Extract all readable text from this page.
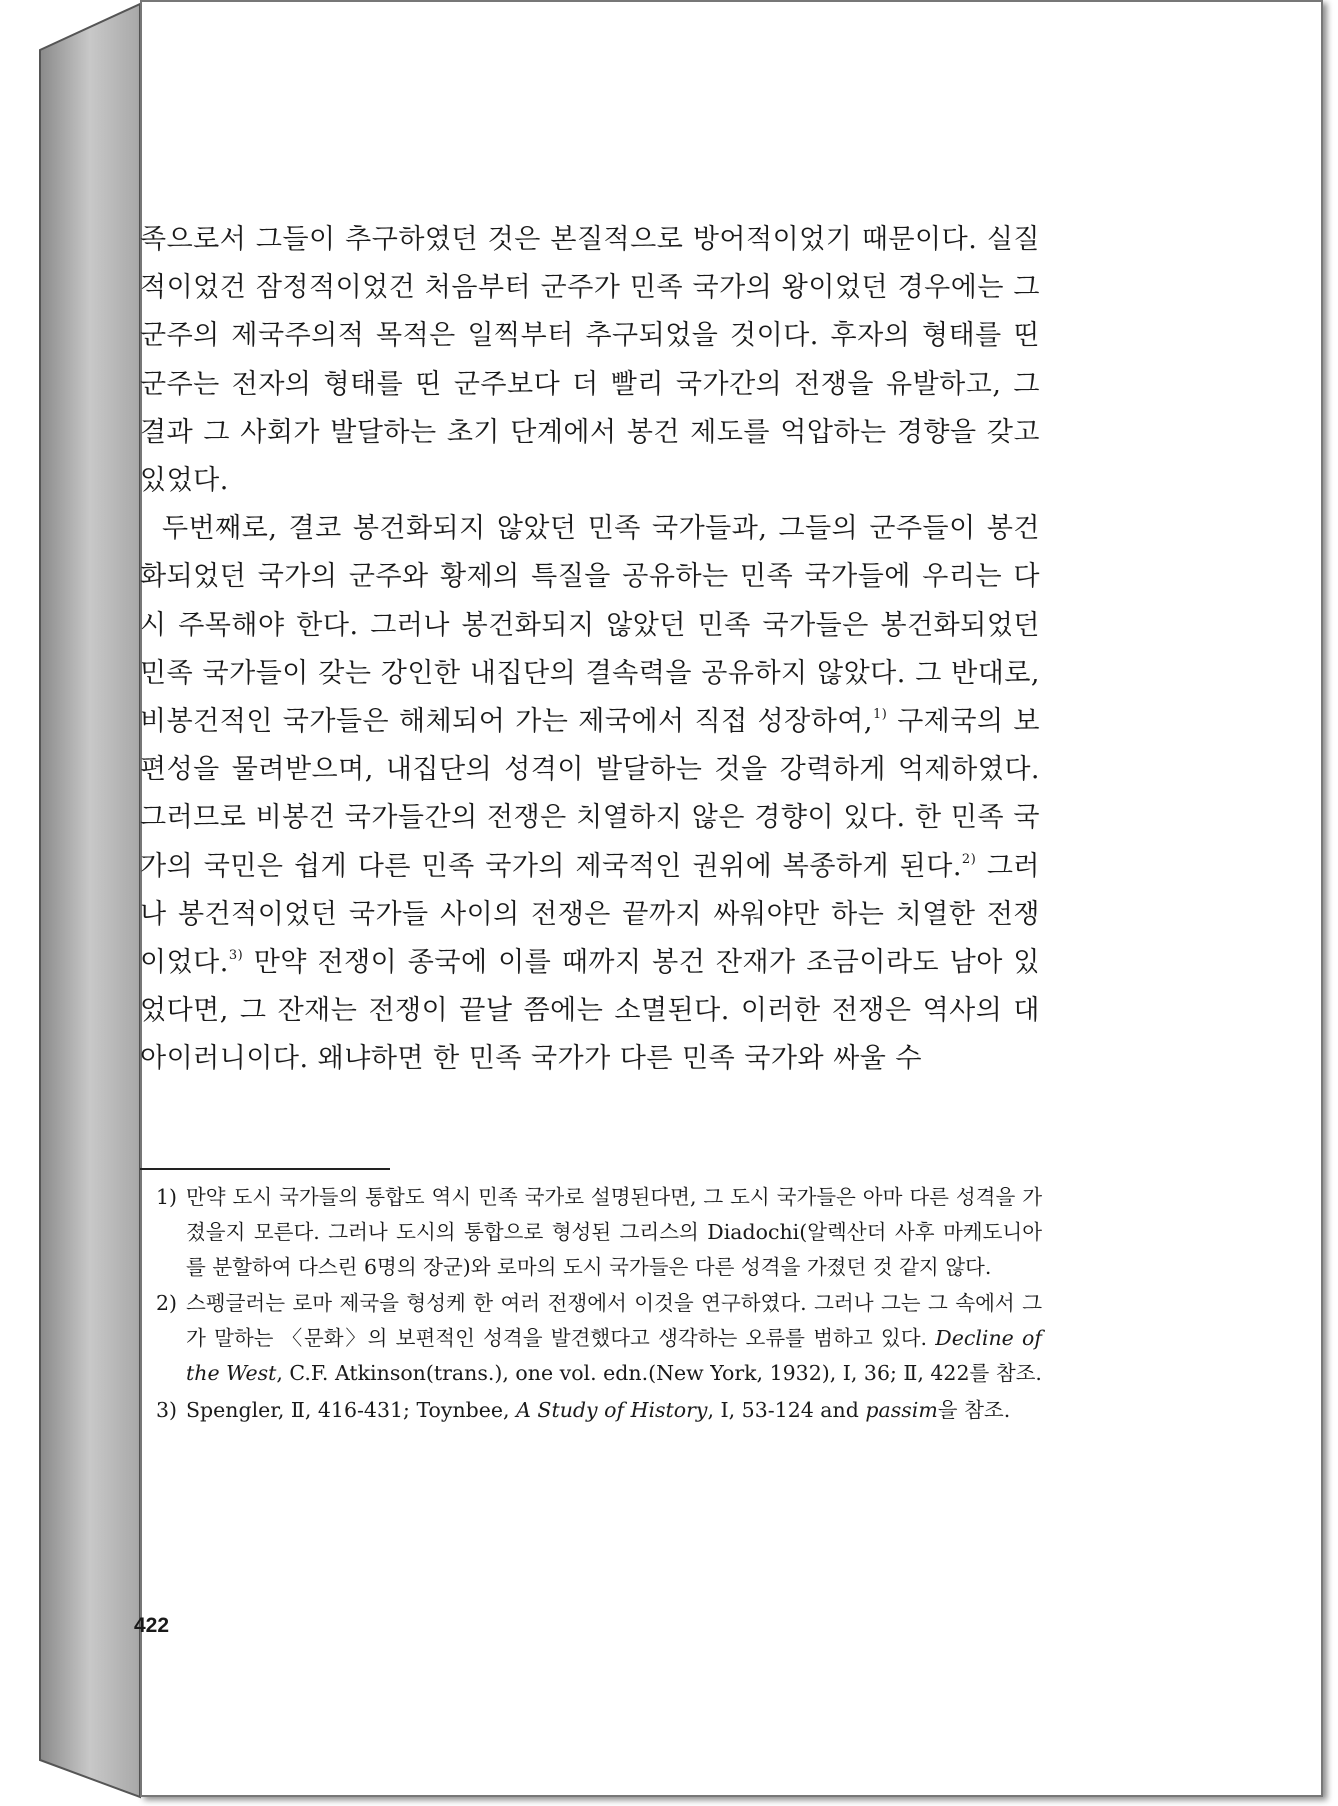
족으로서 그들이 추구하였던 것은 본질적으로 방어적이었기 때문이다. 실질적이었건 잠정적이었건 처음부터 군주가 민족 국가의 왕이었던 경우에는 그 군주의 제국주의적 목적은 일찍부터 추구되었을 것이다. 후자의 형태를 띤 군주는 전자의 형태를 띤 군주보다 더 빨리 국가간의 전쟁을 유발하고, 그 결과 그 사회가 발달하는 초기 단계에서 봉건 제도를 억압하는 경향을 갖고 있었다.

두번째로, 결코 봉건화되지 않았던 민족 국가들과, 그들의 군주들이 봉건화되었던 국가의 군주와 황제의 특질을 공유하는 민족 국가들에 우리는 다시 주목해야 한다. 그러나 봉건화되지 않았던 민족 국가들은 봉건화되었던 민족 국가들이 갖는 강인한 내집단의 결속력을 공유하지 않았다. 그 반대로, 비봉건적인 국가들은 해체되어 가는 제국에서 직접 성장하여,$^{1)}$ 구제국의 보편성을 물려받으며, 내집단의 성격이 발달하는 것을 강력하게 억제하였다. 그러므로 비봉건 국가들간의 전쟁은 치열하지 않은 경향이 있다. 한 민족 국가의 국민은 쉽게 다른 민족 국가의 제국적인 권위에 복종하게 된다.$^{2)}$ 그러나 봉건적이었던 국가들 사이의 전쟁은 끝까지 싸워야만 하는 치열한 전쟁이었다.$^{3)}$ 만약 전쟁이 종국에 이를 때까지 봉건 잔재가 조금이라도 남아 있었다면, 그 잔재는 전쟁이 끝날 쯤에는 소멸된다. 이러한 전쟁은 역사의 대아이러니이다. 왜냐하면 한 민족 국가가 다른 민족 국가와 싸울 수

1) 만약 도시 국가들의 통합도 역시 민족 국가로 설명된다면, 그 도시 국가들은 아마 다른 성격을 가졌을지 모른다. 그러나 도시의 통합으로 형성된 그리스의 Diadochi(알렉산더 사후 마케도니아를 분할하여 다스린 6명의 장군)와 로마의 도시 국가들은 다른 성격을 가졌던 것 같지 않다.
2) 스펭글러는 로마 제국을 형성케 한 여러 전쟁에서 이것을 연구하였다. 그러나 그는 그 속에서 그가 말하는 〈문화〉의 보편적인 성격을 발견했다고 생각하는 오류를 범하고 있다. Decline of the West, C.F. Atkinson(trans.), one vol. edn.(New York, 1932), Ⅰ, 36; Ⅱ, 422를 참조.
3) Spengler, Ⅱ, 416-431; Toynbee, A Study of History, Ⅰ, 53-124 and passim을 참조.
422
